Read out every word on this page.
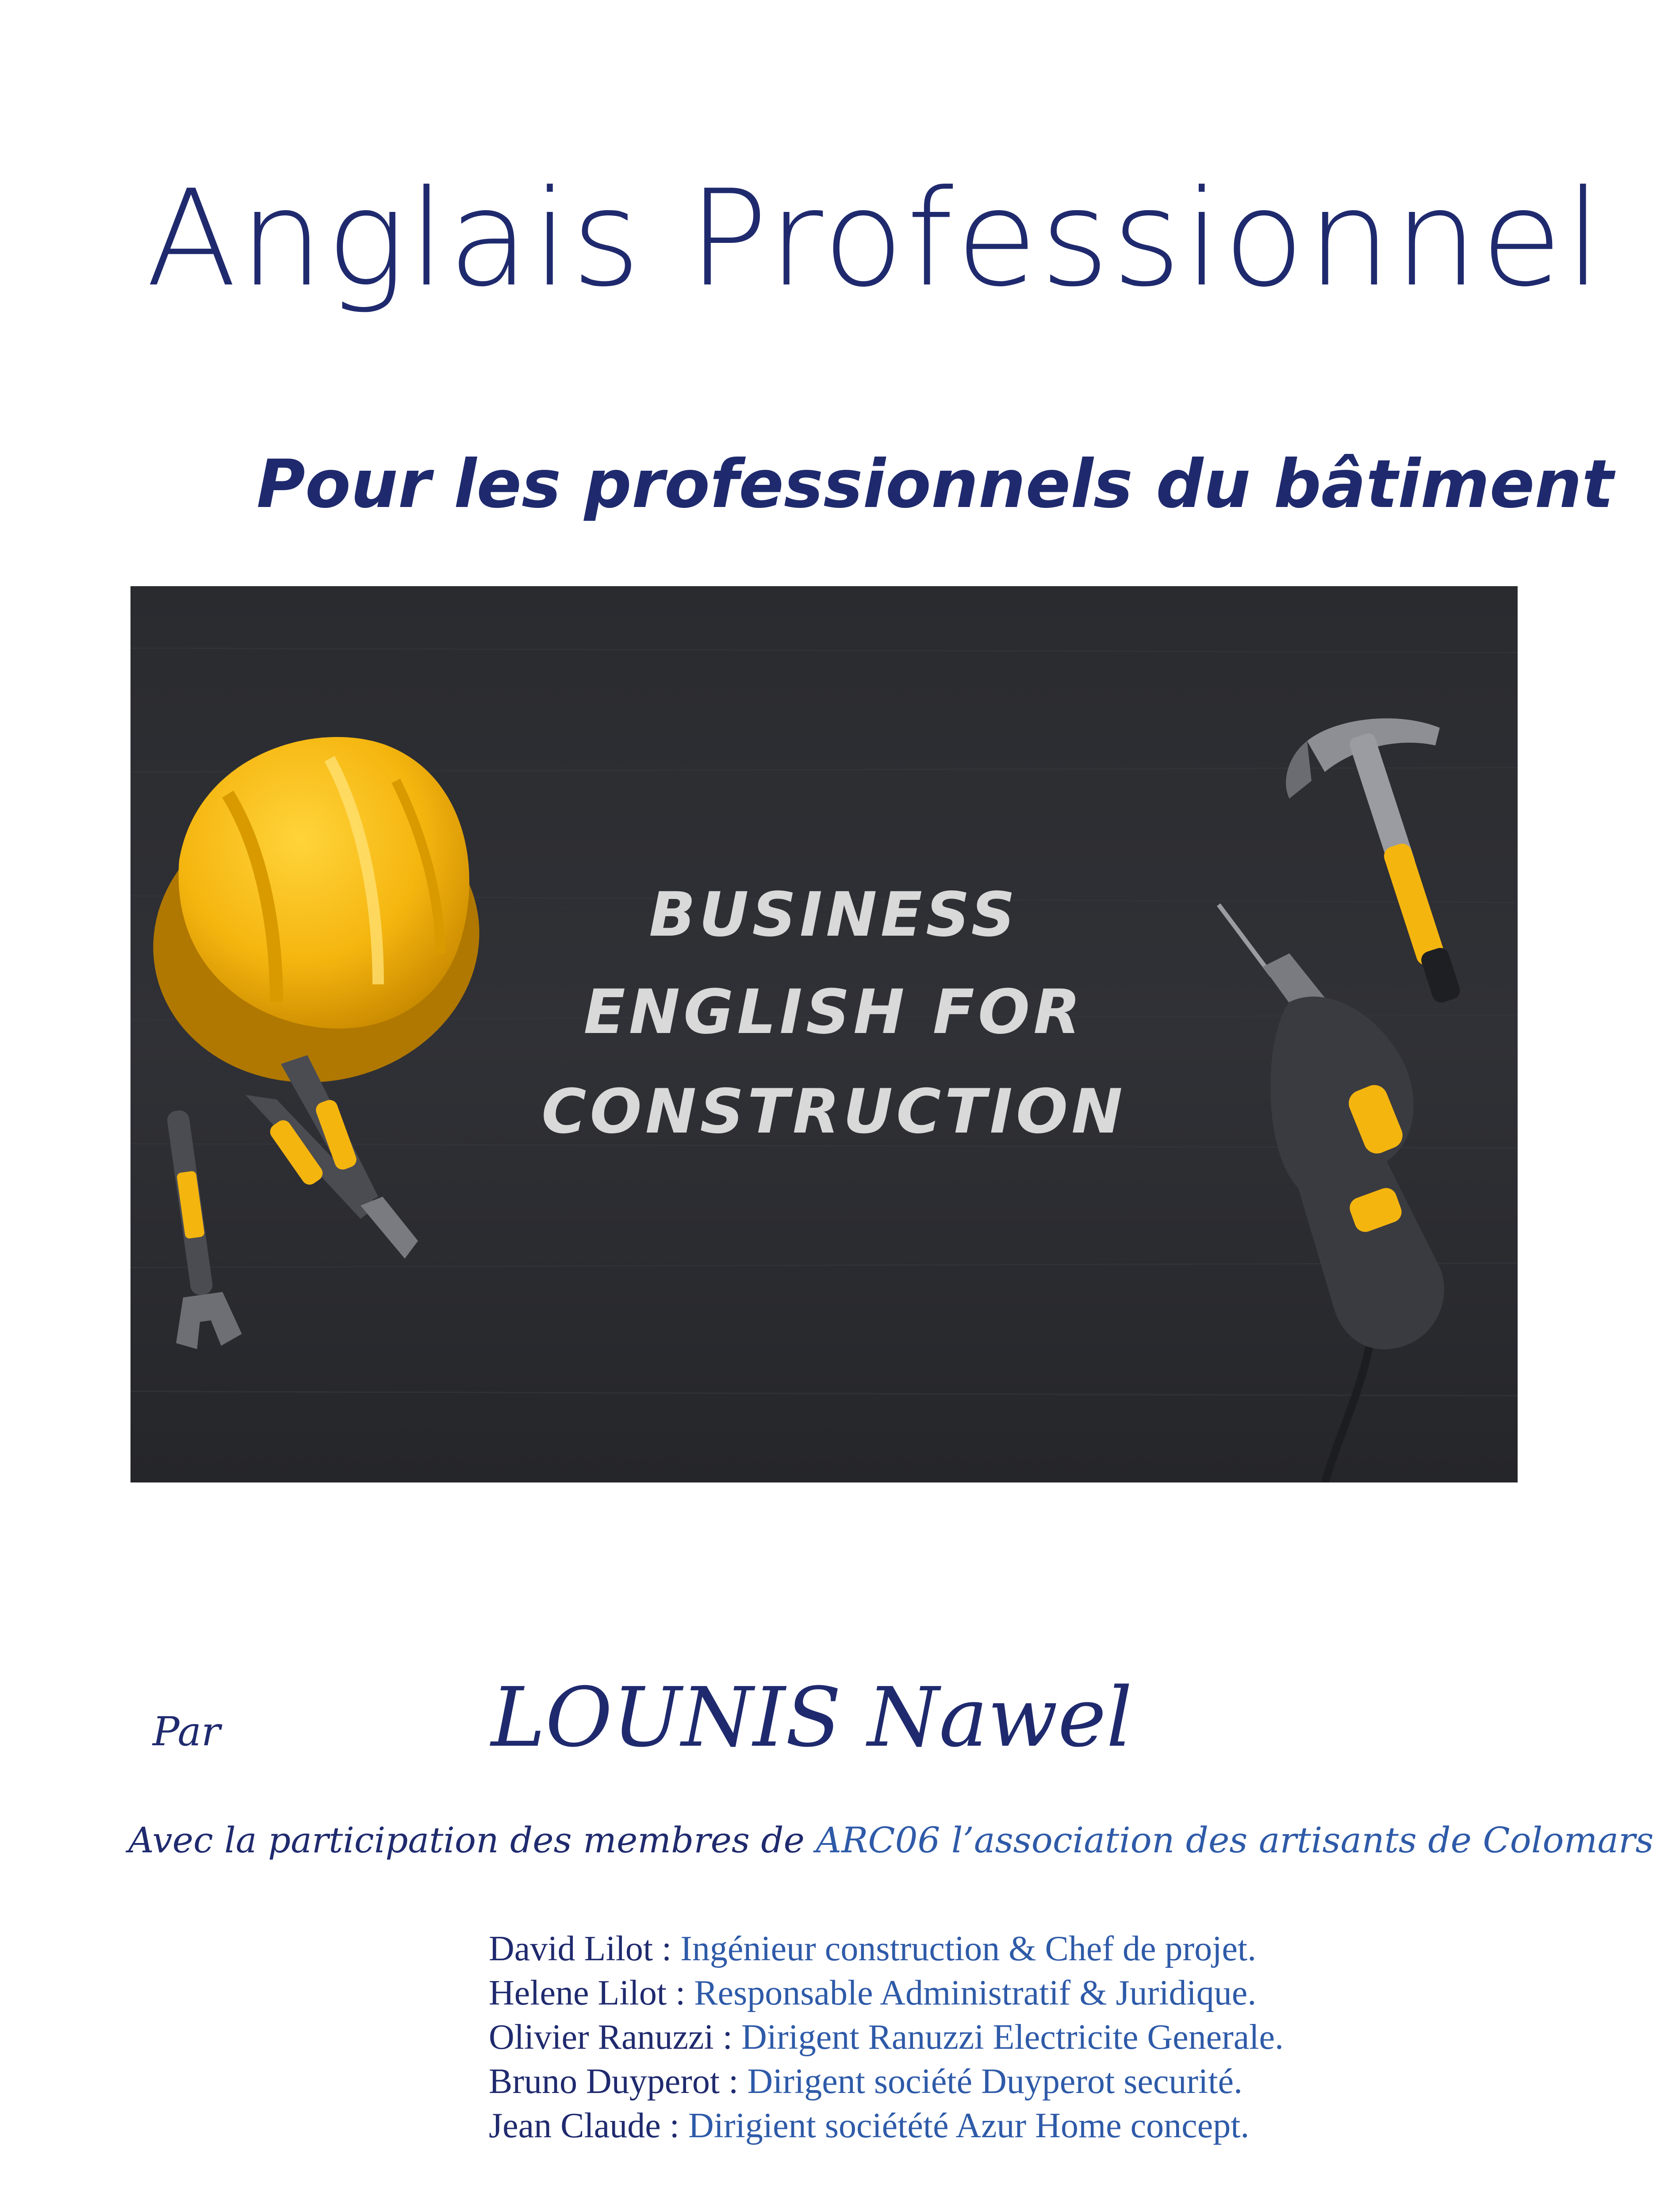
Anglais Professionnel
Pour les professionnels du bâtiment
BUSINESS
ENGLISH FOR
CONSTRUCTION
Par	LOUNIS Nawel
Avec la participation des membres de ARC06 l’association des artisants de Colomars
David Lilot : Ingénieur construction & Chef de projet.
Helene Lilot : Responsable Administratif & Juridique.
Olivier Ranuzzi : Dirigent Ranuzzi Electricite Generale.
Bruno Duyperot : Dirigent société Duyperot securité.
Jean Claude : Dirigient sociétété Azur Home concept.
